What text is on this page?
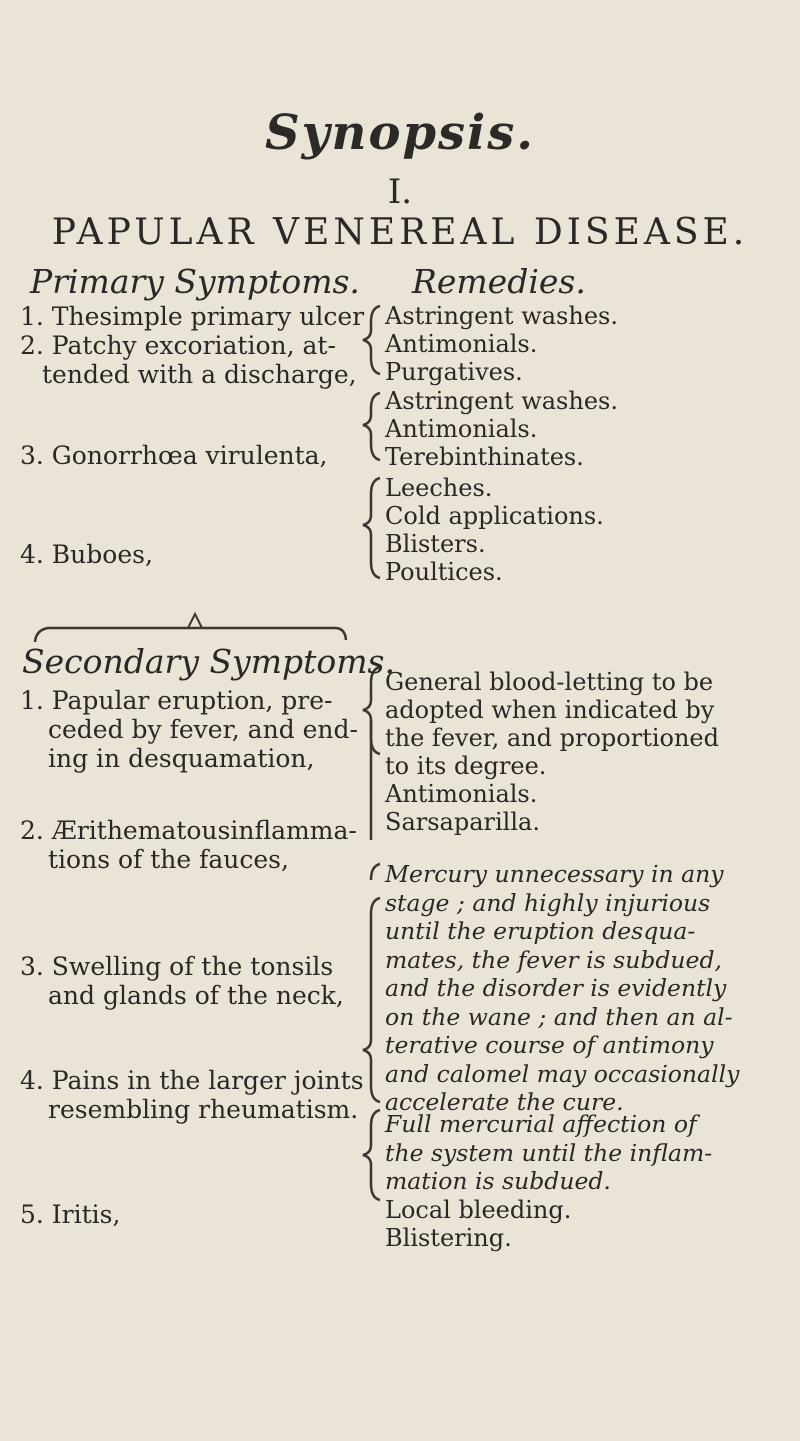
Synopsis.
I.
PAPULAR VENEREAL DISEASE.
Primary Symptoms. Remedies.
1. Thesimple primary ulcer
2. Patchy excoriation, at-
tended with a discharge,
3. Gonorrhœa virulenta,
4. Buboes,
Astringent washes.
Antimonials.
Purgatives.
Astringent washes.
Antimonials.
Terebinthinates.
Leeches.
Cold applications.
Blisters.
Poultices.
Secondary Symptoms.
1. Papular eruption, pre-
ceded by fever, and end-
ing in desquamation,
2. Ærithematousinflamma-
tions of the fauces,
3. Swelling of the tonsils
and glands of the neck,
4. Pains in the larger joints
resembling rheumatism.
5. Iritis,
General blood-letting to be
adopted when indicated by
the fever, and proportioned
to its degree.
Antimonials.
Sarsaparilla.
Mercury unnecessary in any
stage ; and highly injurious
until the eruption desqua-
mates, the fever is subdued,
and the disorder is evidently
on the wane ; and then an al-
terative course of antimony
and calomel may occasionally
accelerate the cure.
Full mercurial affection of
the system until the inflam-
mation is subdued.
Local bleeding.
Blistering.
